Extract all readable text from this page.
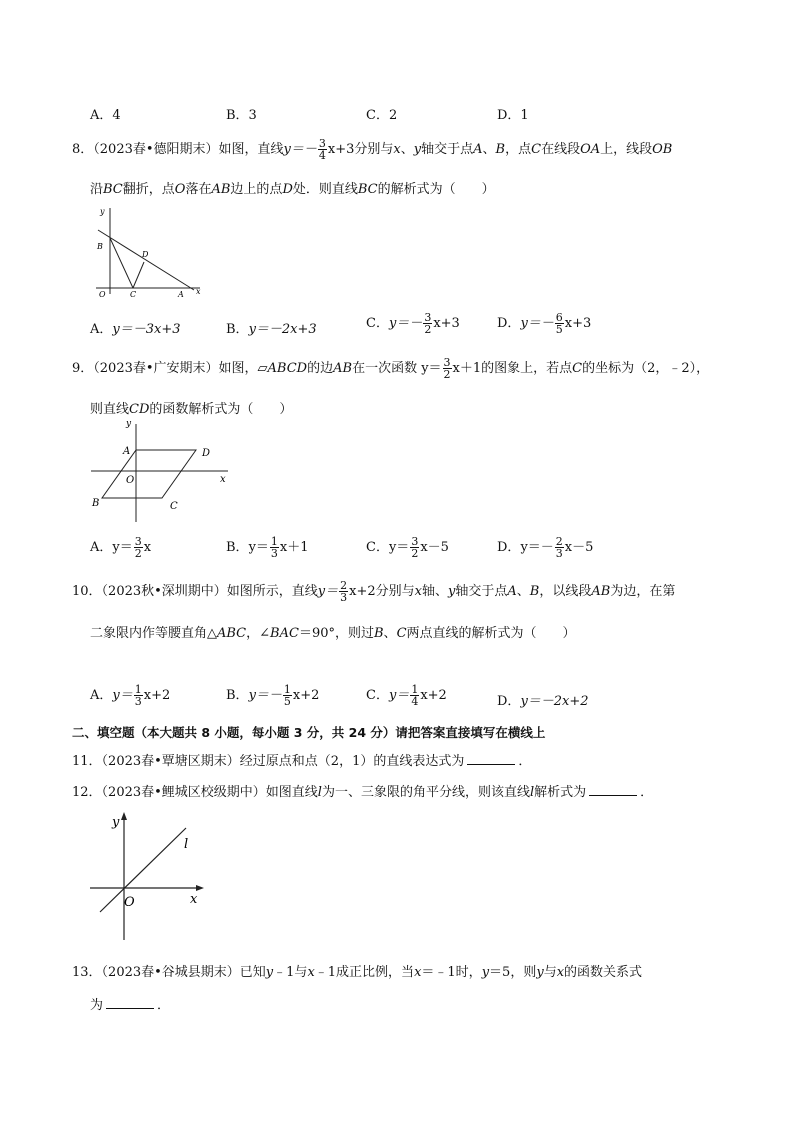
A．4	B．3	C．2	D．1
8．（2023春•德阳期末）如图，直线$y=- \frac{3}{4} x+3$分别与x、y轴交于点A、B，点C在线段OA上，线段OB
沿BC翻折，点O落在AB边上的点D处．则直线BC的解析式为（　　）
y
B
D
O	C	A x
A．y＝－3x+3	B．y＝－2x+3	C．$y=- \frac{3}{2} x+3$	D．$y=- \frac{6}{5} x+3$
9．（2023春•广安期末）如图，▱ABCD的边AB在一次函数 $y= \frac{3}{2} x+1$的图象上，若点C的坐标为（2，﹣2），
则直线CD的函数解析式为（　　）
y
A	D
O	x
B	C
A．$y= \frac{3}{2}$ x	B．$y= \frac{1}{3} x+1$	C．$y= \frac{3}{2} x-5$	D．$y=- \frac{2}{3} x-5$
10．（2023秋•深圳期中）如图所示，直线$y= \frac{2}{3} x+2$分别与x轴、y轴交于点A、B，以线段AB为边，在第
二象限内作等腰直角△ABC，∠BAC＝90°，则过B、C两点直线的解析式为（　　）
A．$y= \frac{1}{3} x+2$	B．$y=- \frac{1}{5} x+2$	C．$y= \frac{1}{4} x+2$	D．y＝－2x+2
二、填空题（本大题共 8 小题，每小题 3 分，共 24 分）请把答案直接填写在横线上
11．（2023春•覃塘区期末）经过原点和点（2，1）的直线表达式为	．
12．（2023春•鲤城区校级期中）如图直线l为一、三象限的角平分线，则该直线l解析式为	．
y
l
O	x
13．（2023春•谷城县期末）已知y﹣1与x﹣1成正比例，当x＝﹣1时，y＝5，则y与x的函数关系式
为	．
